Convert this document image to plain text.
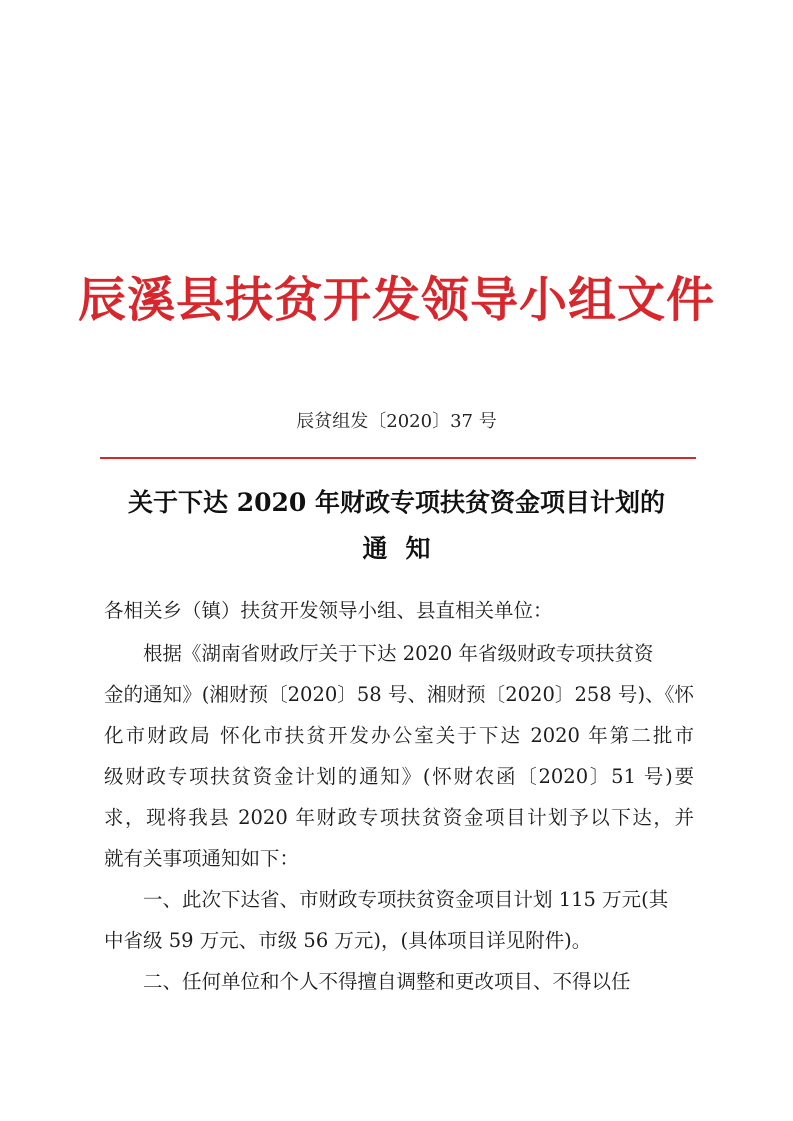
辰溪县扶贫开发领导小组文件
辰贫组发〔2020〕37 号
关于下达 2020 年财政专项扶贫资金项目计划的
通知

各相关乡（镇）扶贫开发领导小组、县直相关单位：

根据《湖南省财政厅关于下达 2020 年省级财政专项扶贫资
金的通知》(湘财预〔2020〕58 号、湘财预〔2020〕258 号)、《怀
化市财政局 怀化市扶贫开发办公室关于下达 2020 年第二批市
级财政专项扶贫资金计划的通知》(怀财农函〔2020〕51 号)要
求，现将我县 2020 年财政专项扶贫资金项目计划予以下达，并
就有关事项通知如下：
一、此次下达省、市财政专项扶贫资金项目计划 115 万元(其
中省级 59 万元、市级 56 万元)，(具体项目详见附件)。
二、任何单位和个人不得擅自调整和更改项目、不得以任
